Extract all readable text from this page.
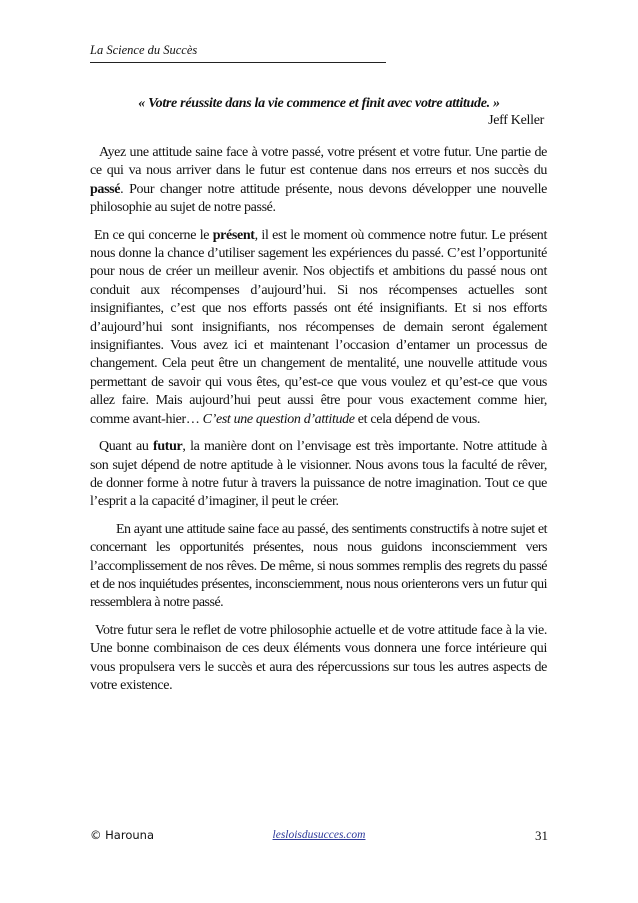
La Science du Succès
« Votre réussite dans la vie commence et finit avec votre attitude. »
Jeff Keller

Ayez une attitude saine face à votre passé, votre présent et votre futur. Une partie de ce qui va nous arriver dans le futur est contenue dans nos erreurs et nos succès du passé. Pour changer notre attitude présente, nous devons développer une nouvelle philosophie au sujet de notre passé.

En ce qui concerne le présent, il est le moment où commence notre futur. Le présent nous donne la chance d’utiliser sagement les expériences du passé. C’est l’opportunité pour nous de créer un meilleur avenir. Nos objectifs et ambitions du passé nous ont conduit aux récompenses d’aujourd’hui. Si nos récompenses actuelles sont insignifiantes, c’est que nos efforts passés ont été insignifiants. Et si nos efforts d’aujourd’hui sont insignifiants, nos récompenses de demain seront également insignifiantes. Vous avez ici et maintenant l’occasion d’entamer un processus de changement. Cela peut être un changement de mentalité, une nouvelle attitude vous permettant de savoir qui vous êtes, qu’est-ce que vous voulez et qu’est-ce que vous allez faire. Mais aujourd’hui peut aussi être pour vous exactement comme hier, comme avant-hier… C’est une question d’attitude et cela dépend de vous.

Quant au futur, la manière dont on l’envisage est très importante. Notre attitude à son sujet dépend de notre aptitude à le visionner. Nous avons tous la faculté de rêver, de donner forme à notre futur à travers la puissance de notre imagination. Tout ce que l’esprit a la capacité d’imaginer, il peut le créer.

En ayant une attitude saine face au passé, des sentiments constructifs à notre sujet et concernant les opportunités présentes, nous nous guidons inconsciemment vers l’accomplissement de nos rêves. De même, si nous sommes remplis des regrets du passé et de nos inquiétudes présentes, inconsciemment, nous nous orienterons vers un futur qui ressemblera à notre passé.

Votre futur sera le reflet de votre philosophie actuelle et de votre attitude face à la vie. Une bonne combinaison de ces deux éléments vous donnera une force intérieure qui vous propulsera vers le succès et aura des répercussions sur tous les autres aspects de votre existence.

© Harouna	lesloisdusucces.com	31
